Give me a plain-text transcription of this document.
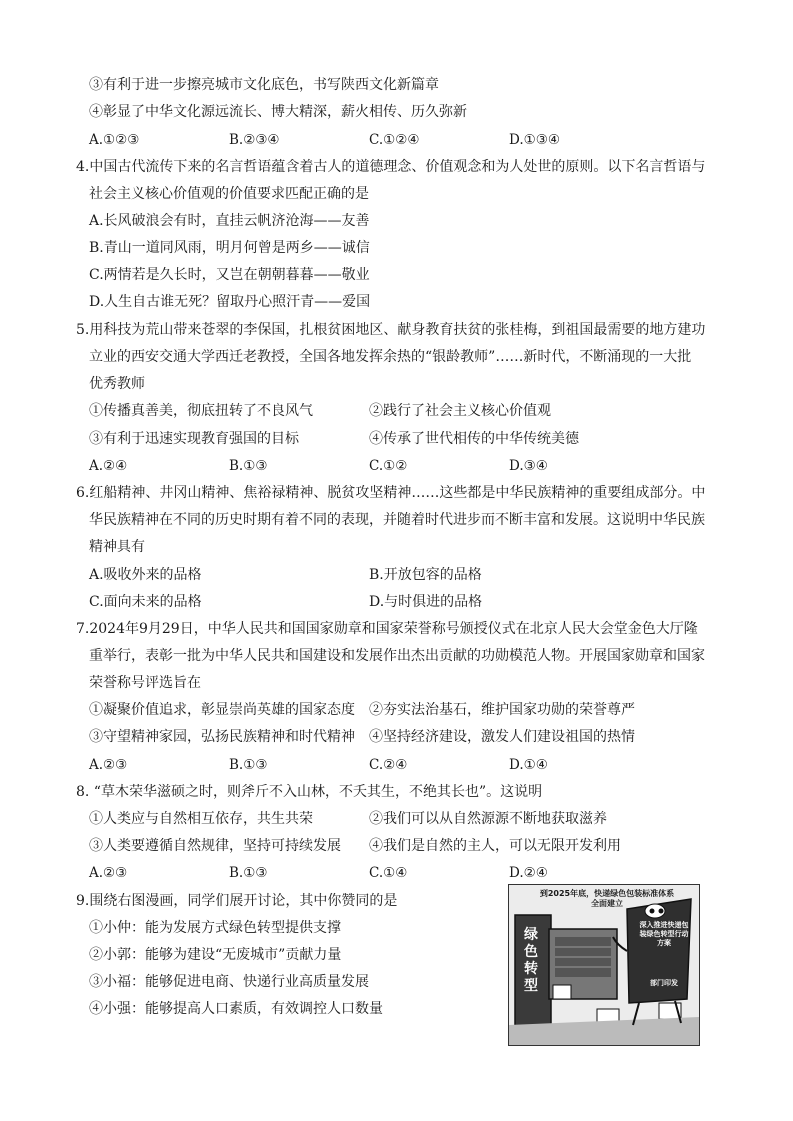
③有利于进一步擦亮城市文化底色，书写陕西文化新篇章
④彰显了中华文化源远流长、博大精深，薪火相传、历久弥新
A.①②③	B.②③④	C.①②④	D.①③④
4.中国古代流传下来的名言哲语蕴含着古人的道德理念、价值观念和为人处世的原则。以下名言哲语与
社会主义核心价值观的价值要求匹配正确的是
A.长风破浪会有时，直挂云帆济沧海——友善
B.青山一道同风雨，明月何曾是两乡——诚信
C.两情若是久长时，又岂在朝朝暮暮——敬业
D.人生自古谁无死？留取丹心照汗青——爱国
5.用科技为荒山带来苍翠的李保国，扎根贫困地区、献身教育扶贫的张桂梅，到祖国最需要的地方建功
立业的西安交通大学西迁老教授，全国各地发挥余热的“银龄教师”……新时代，不断涌现的一大批
优秀教师
①传播真善美，彻底扭转了不良风气	②践行了社会主义核心价值观
③有利于迅速实现教育强国的目标	④传承了世代相传的中华传统美德
A.②④	B.①③	C.①②	D.③④
6.红船精神、井冈山精神、焦裕禄精神、脱贫攻坚精神……这些都是中华民族精神的重要组成部分。中
华民族精神在不同的历史时期有着不同的表现，并随着时代进步而不断丰富和发展。这说明中华民族
精神具有
A.吸收外来的品格	B.开放包容的品格
C.面向未来的品格	D.与时俱进的品格
7.2024年9月29日，中华人民共和国国家勋章和国家荣誉称号颁授仪式在北京人民大会堂金色大厅隆
重举行，表彰一批为中华人民共和国建设和发展作出杰出贡献的功勋模范人物。开展国家勋章和国家
荣誉称号评选旨在
①凝聚价值追求，彰显崇尚英雄的国家态度 ②夯实法治基石，维护国家功勋的荣誉尊严
③守望精神家园，弘扬民族精神和时代精神 ④坚持经济建设，激发人们建设祖国的热情
A.②③	B.①③	C.②④	D.①④
8. “草木荣华滋硕之时，则斧斤不入山林，不夭其生，不绝其长也”。这说明
①人类应与自然相互依存，共生共荣	②我们可以从自然源源不断地获取滋养
③人类要遵循自然规律，坚持可持续发展 ④我们是自然的主人，可以无限开发利用
A.②③	B.①③	C.①④	D.②④
9.围绕右图漫画，同学们展开讨论，其中你赞同的是
①小仲：能为发展方式绿色转型提供支撑
②小郭：能够为建设“无废城市”贡献力量
③小福：能够促进电商、快递行业高质量发展
④小强：能够提高人口素质，有效调控人口数量
到2025年底，快递绿色包装标准体系全面建立
绿色转型
深入推进快递包装绿色转型行动方案
部门印发
